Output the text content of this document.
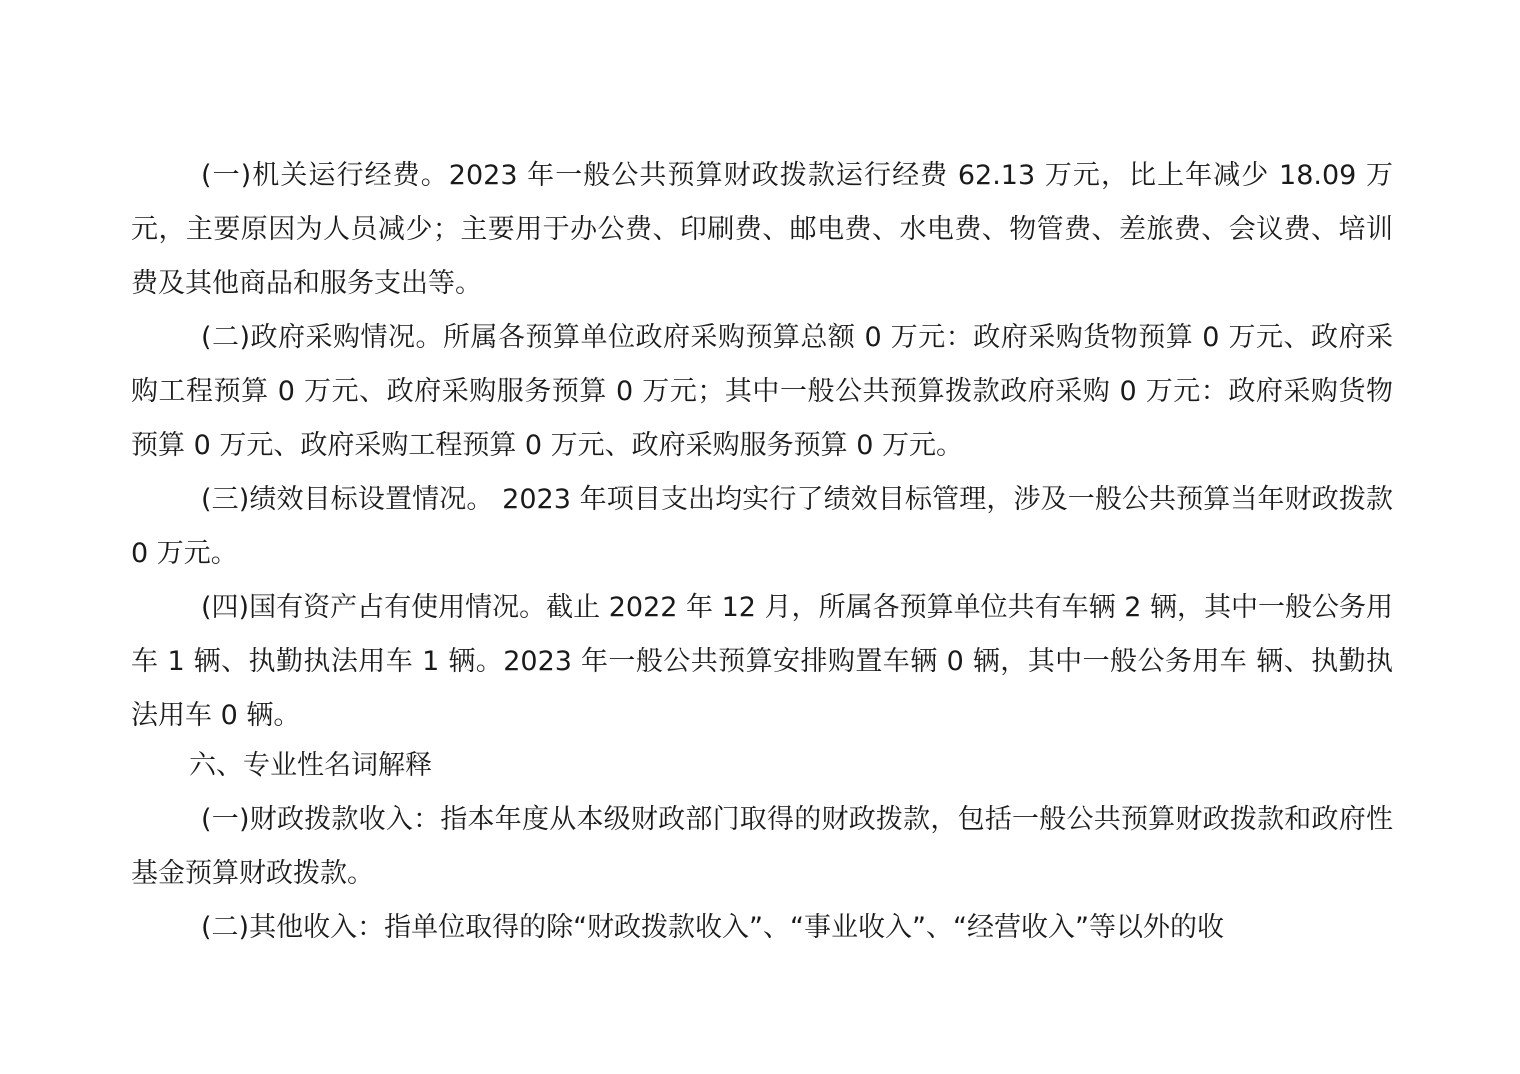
(一)机关运行经费。2023 年一般公共预算财政拨款运行经费 62.13 万元，比上年减少 18.09 万元，主要原因为人员减少；主要用于办公费、印刷费、邮电费、水电费、物管费、差旅费、会议费、培训费及其他商品和服务支出等。

(二)政府采购情况。所属各预算单位政府采购预算总额 0 万元：政府采购货物预算 0 万元、政府采购工程预算 0 万元、政府采购服务预算 0 万元；其中一般公共预算拨款政府采购 0 万元：政府采购货物预算 0 万元、政府采购工程预算 0 万元、政府采购服务预算 0 万元。

(三)绩效目标设置情况。 2023 年项目支出均实行了绩效目标管理，涉及一般公共预算当年财政拨款 0 万元。

(四)国有资产占有使用情况。截止 2022 年 12 月，所属各预算单位共有车辆 2 辆，其中一般公务用车 1 辆、执勤执法用车 1 辆。2023 年一般公共预算安排购置车辆 0 辆，其中一般公务用车 辆、执勤执法用车 0 辆。

六、专业性名词解释

(一)财政拨款收入：指本年度从本级财政部门取得的财政拨款，包括一般公共预算财政拨款和政府性基金预算财政拨款。

(二)其他收入：指单位取得的除“财政拨款收入”、“事业收入”、“经营收入”等以外的收
